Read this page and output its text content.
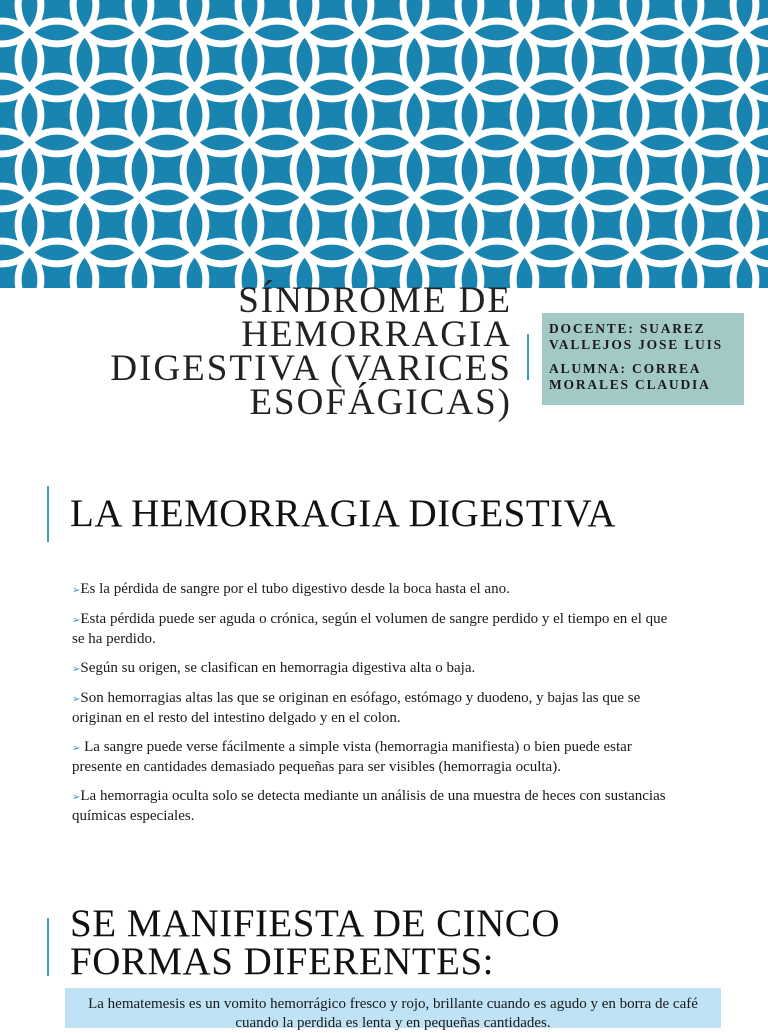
SÍNDROME DE HEMORRAGIA DIGESTIVA (VARICES ESOFÁGICAS)
DOCENTE: SUAREZ VALLEJOS JOSE LUIS
ALUMNA: CORREA MORALES CLAUDIA
LA HEMORRAGIA DIGESTIVA
➢Es la pérdida de sangre por el tubo digestivo desde la boca hasta el ano.
➢Esta pérdida puede ser aguda o crónica, según el volumen de sangre perdido y el tiempo en el que se ha perdido.
➢Según su origen, se clasifican en hemorragia digestiva alta o baja.
➢Son hemorragias altas las que se originan en esófago, estómago y duodeno, y bajas las que se originan en el resto del intestino delgado y en el colon.
➢ La sangre puede verse fácilmente a simple vista (hemorragia manifiesta) o bien puede estar presente en cantidades demasiado pequeñas para ser visibles (hemorragia oculta).
➢La hemorragia oculta solo se detecta mediante un análisis de una muestra de heces con sustancias químicas especiales.
SE MANIFIESTA DE CINCO FORMAS DIFERENTES:
La hematemesis es un vomito hemorrágico fresco y rojo, brillante cuando es agudo y en borra de café cuando la perdida es lenta y en pequeñas cantidades.
